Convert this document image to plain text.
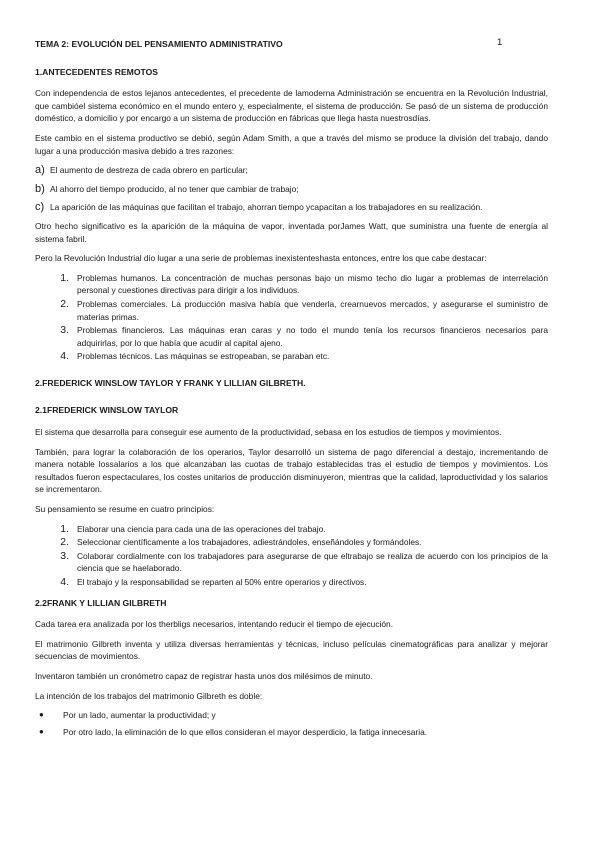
1
TEMA 2: EVOLUCIÓN DEL PENSAMIENTO ADMINISTRATIVO
1.ANTECEDENTES REMOTOS

Con independencia de estos lejanos antecedentes, el precedente de lamoderna Administración se encuentra en la Revolución Industrial, que cambióel sistema económico en el mundo entero y, especialmente, el sistema de producción. Se pasó de un sistema de producción doméstico, a domicilio y por encargo a un sistema de producción en fábricas que llega hasta nuestrosdías.

Este cambio en el sistema productivo se debió, según Adam Smith, a que a través del mismo se produce la división del trabajo, dando lugar a una producción masiva debido a tres razones:

a) El aumento de destreza de cada obrero en particular;
b) Al ahorro del tiempo producido, al no tener que cambiar de trabajo;
c) La aparición de las máquinas que facilitan el trabajo, ahorran tiempo ycapacitan a los trabajadores en su realización.

Otro hecho significativo es la aparición de la máquina de vapor, inventada porJames Watt, que suministra una fuente de energía al sistema fabril.

Pero la Revolución Industrial dio lugar a una serie de problemas inexistenteshasta entonces, entre los que cabe destacar:

1. Problemas humanos. La concentración de muchas personas bajo un mismo techo dio lugar a problemas de interrelación personal y cuestiones directivas para dirigir a los individuos.
2. Problemas comerciales. La producción masiva había que venderla, crearnuevos mercados, y asegurarse el suministro de materias primas.
3. Problemas financieros. Las máquinas eran caras y no todo el mundo tenía los recursos financieros necesarios para adquirirlas, por lo que había que acudir al capital ajeno.
4. Problemas técnicos. Las máquinas se estropeaban, se paraban etc.
2.FREDERICK WINSLOW TAYLOR Y FRANK Y LILLIAN GILBRETH.
2.1FREDERICK WINSLOW TAYLOR

El sistema que desarrolla para conseguir ese aumento de la productividad, sebasa en los estudios de tiempos y movimientos.

También, para lograr la colaboración de los operarios, Taylor desarrolló un sistema de pago diferencial a destajo, incrementando de manera notable lossalarios a los que alcanzaban las cuotas de trabajo establecidas tras el estudio de tiempos y movimientos. Los resultados fueron espectaculares, los costes unitarios de producción disminuyeron, mientras que la calidad, laproductividad y los salarios se incrementaron.

Su pensamiento se resume en cuatro principios:

1. Elaborar una ciencia para cada una de las operaciones del trabajo.
2. Seleccionar científicamente a los trabajadores, adiestrándoles, enseñándoles y formándoles.
3. Colaborar cordialmente con los trabajadores para asegurarse de que eltrabajo se realiza de acuerdo con los principios de la ciencia que se haelaborado.
4. El trabajo y la responsabilidad se reparten al 50% entre operarios y directivos.
2.2FRANK Y LILLIAN GILBRETH

Cada tarea era analizada por los therbligs necesarios, intentando reducir el tiempo de ejecución.

El matrimonio Gilbreth inventa y utiliza diversas herramientas y técnicas, incluso películas cinematográficas para analizar y mejorar secuencias de movimientos.

Inventaron también un cronómetro capaz de registrar hasta unos dos milésimos de minuto.

La intención de los trabajos del matrimonio Gilbreth es doble:

●	Por un lado, aumentar la productividad; y
●	Por otro lado, la eliminación de lo que ellos consideran el mayor desperdicio, la fatiga innecesaria.
